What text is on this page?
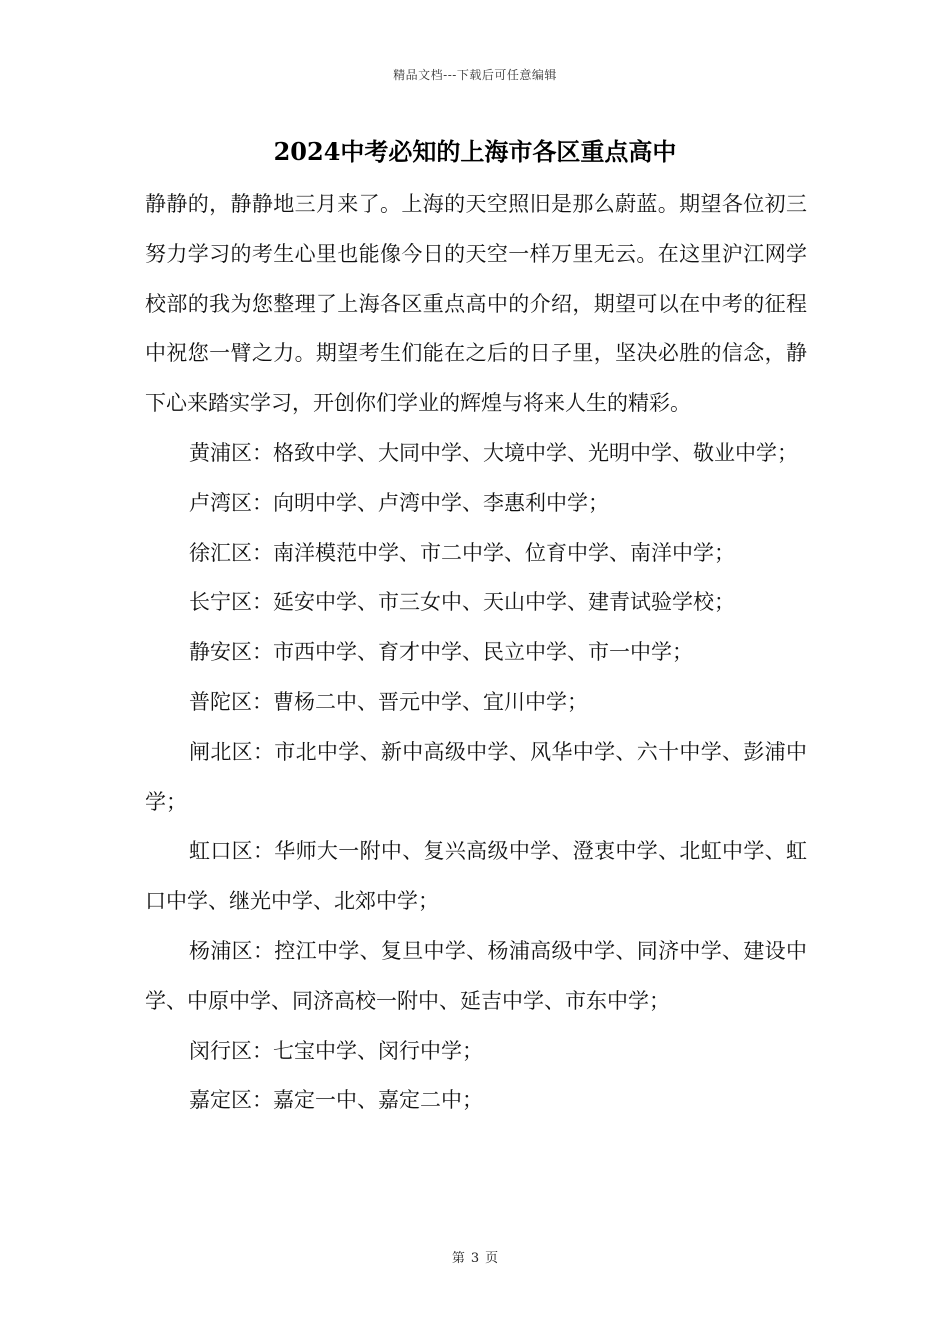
精品文档---下载后可任意编辑
2024中考必知的上海市各区重点高中

静静的，静静地三月来了。上海的天空照旧是那么蔚蓝。期望各位初三努力学习的考生心里也能像今日的天空一样万里无云。在这里沪江网学校部的我为您整理了上海各区重点高中的介绍，期望可以在中考的征程中祝您一臂之力。期望考生们能在之后的日子里，坚决必胜的信念，静下心来踏实学习，开创你们学业的辉煌与将来人生的精彩。

黄浦区：格致中学、大同中学、大境中学、光明中学、敬业中学；

卢湾区：向明中学、卢湾中学、李惠利中学；

徐汇区：南洋模范中学、市二中学、位育中学、南洋中学；

长宁区：延安中学、市三女中、天山中学、建青试验学校；

静安区：市西中学、育才中学、民立中学、市一中学；

普陀区：曹杨二中、晋元中学、宜川中学；

闸北区：市北中学、新中高级中学、风华中学、六十中学、彭浦中学；

虹口区：华师大一附中、复兴高级中学、澄衷中学、北虹中学、虹口中学、继光中学、北郊中学；

杨浦区：控江中学、复旦中学、杨浦高级中学、同济中学、建设中学、中原中学、同济高校一附中、延吉中学、市东中学；

闵行区：七宝中学、闵行中学；

嘉定区：嘉定一中、嘉定二中；

第 3 页
